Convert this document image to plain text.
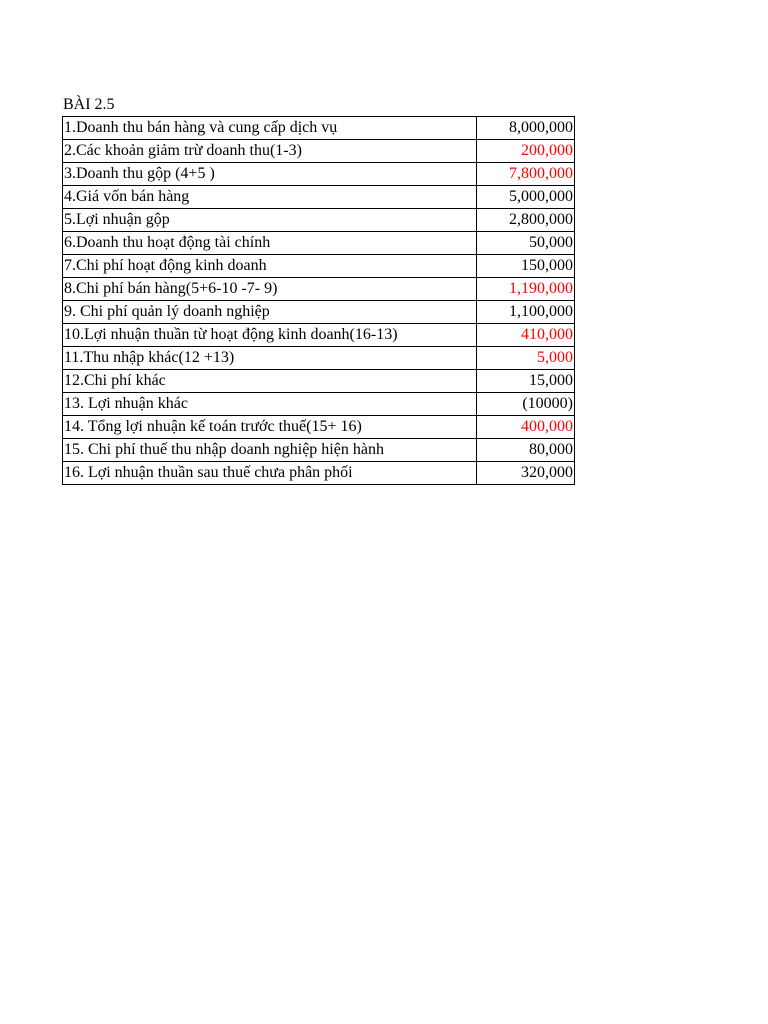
BÀI 2.5
1.Doanh thu bán hàng và cung cấp dịch vụ	8,000,000
2.Các khoản giảm trừ doanh thu(1-3)	200,000
3.Doanh thu gộp (4+5 )	7,800,000
4.Giá vốn bán hàng	5,000,000
5.Lợi nhuận gộp	2,800,000
6.Doanh thu hoạt động tài chính	50,000
7.Chi phí hoạt động kinh doanh	150,000
8.Chi phí bán hàng(5+6-10 -7- 9)	1,190,000
9. Chi phí quản lý doanh nghiệp	1,100,000
10.Lợi nhuận thuần từ hoạt động kinh doanh(16-13)	410,000
11.Thu nhập khác(12 +13)	5,000
12.Chi phí khác	15,000
13. Lợi nhuận khác	(10000)
14. Tổng lợi nhuận kế toán trước thuế(15+ 16)	400,000
15. Chi phí thuế thu nhập doanh nghiệp hiện hành	80,000
16. Lợi nhuận thuần sau thuế chưa phân phối	320,000
